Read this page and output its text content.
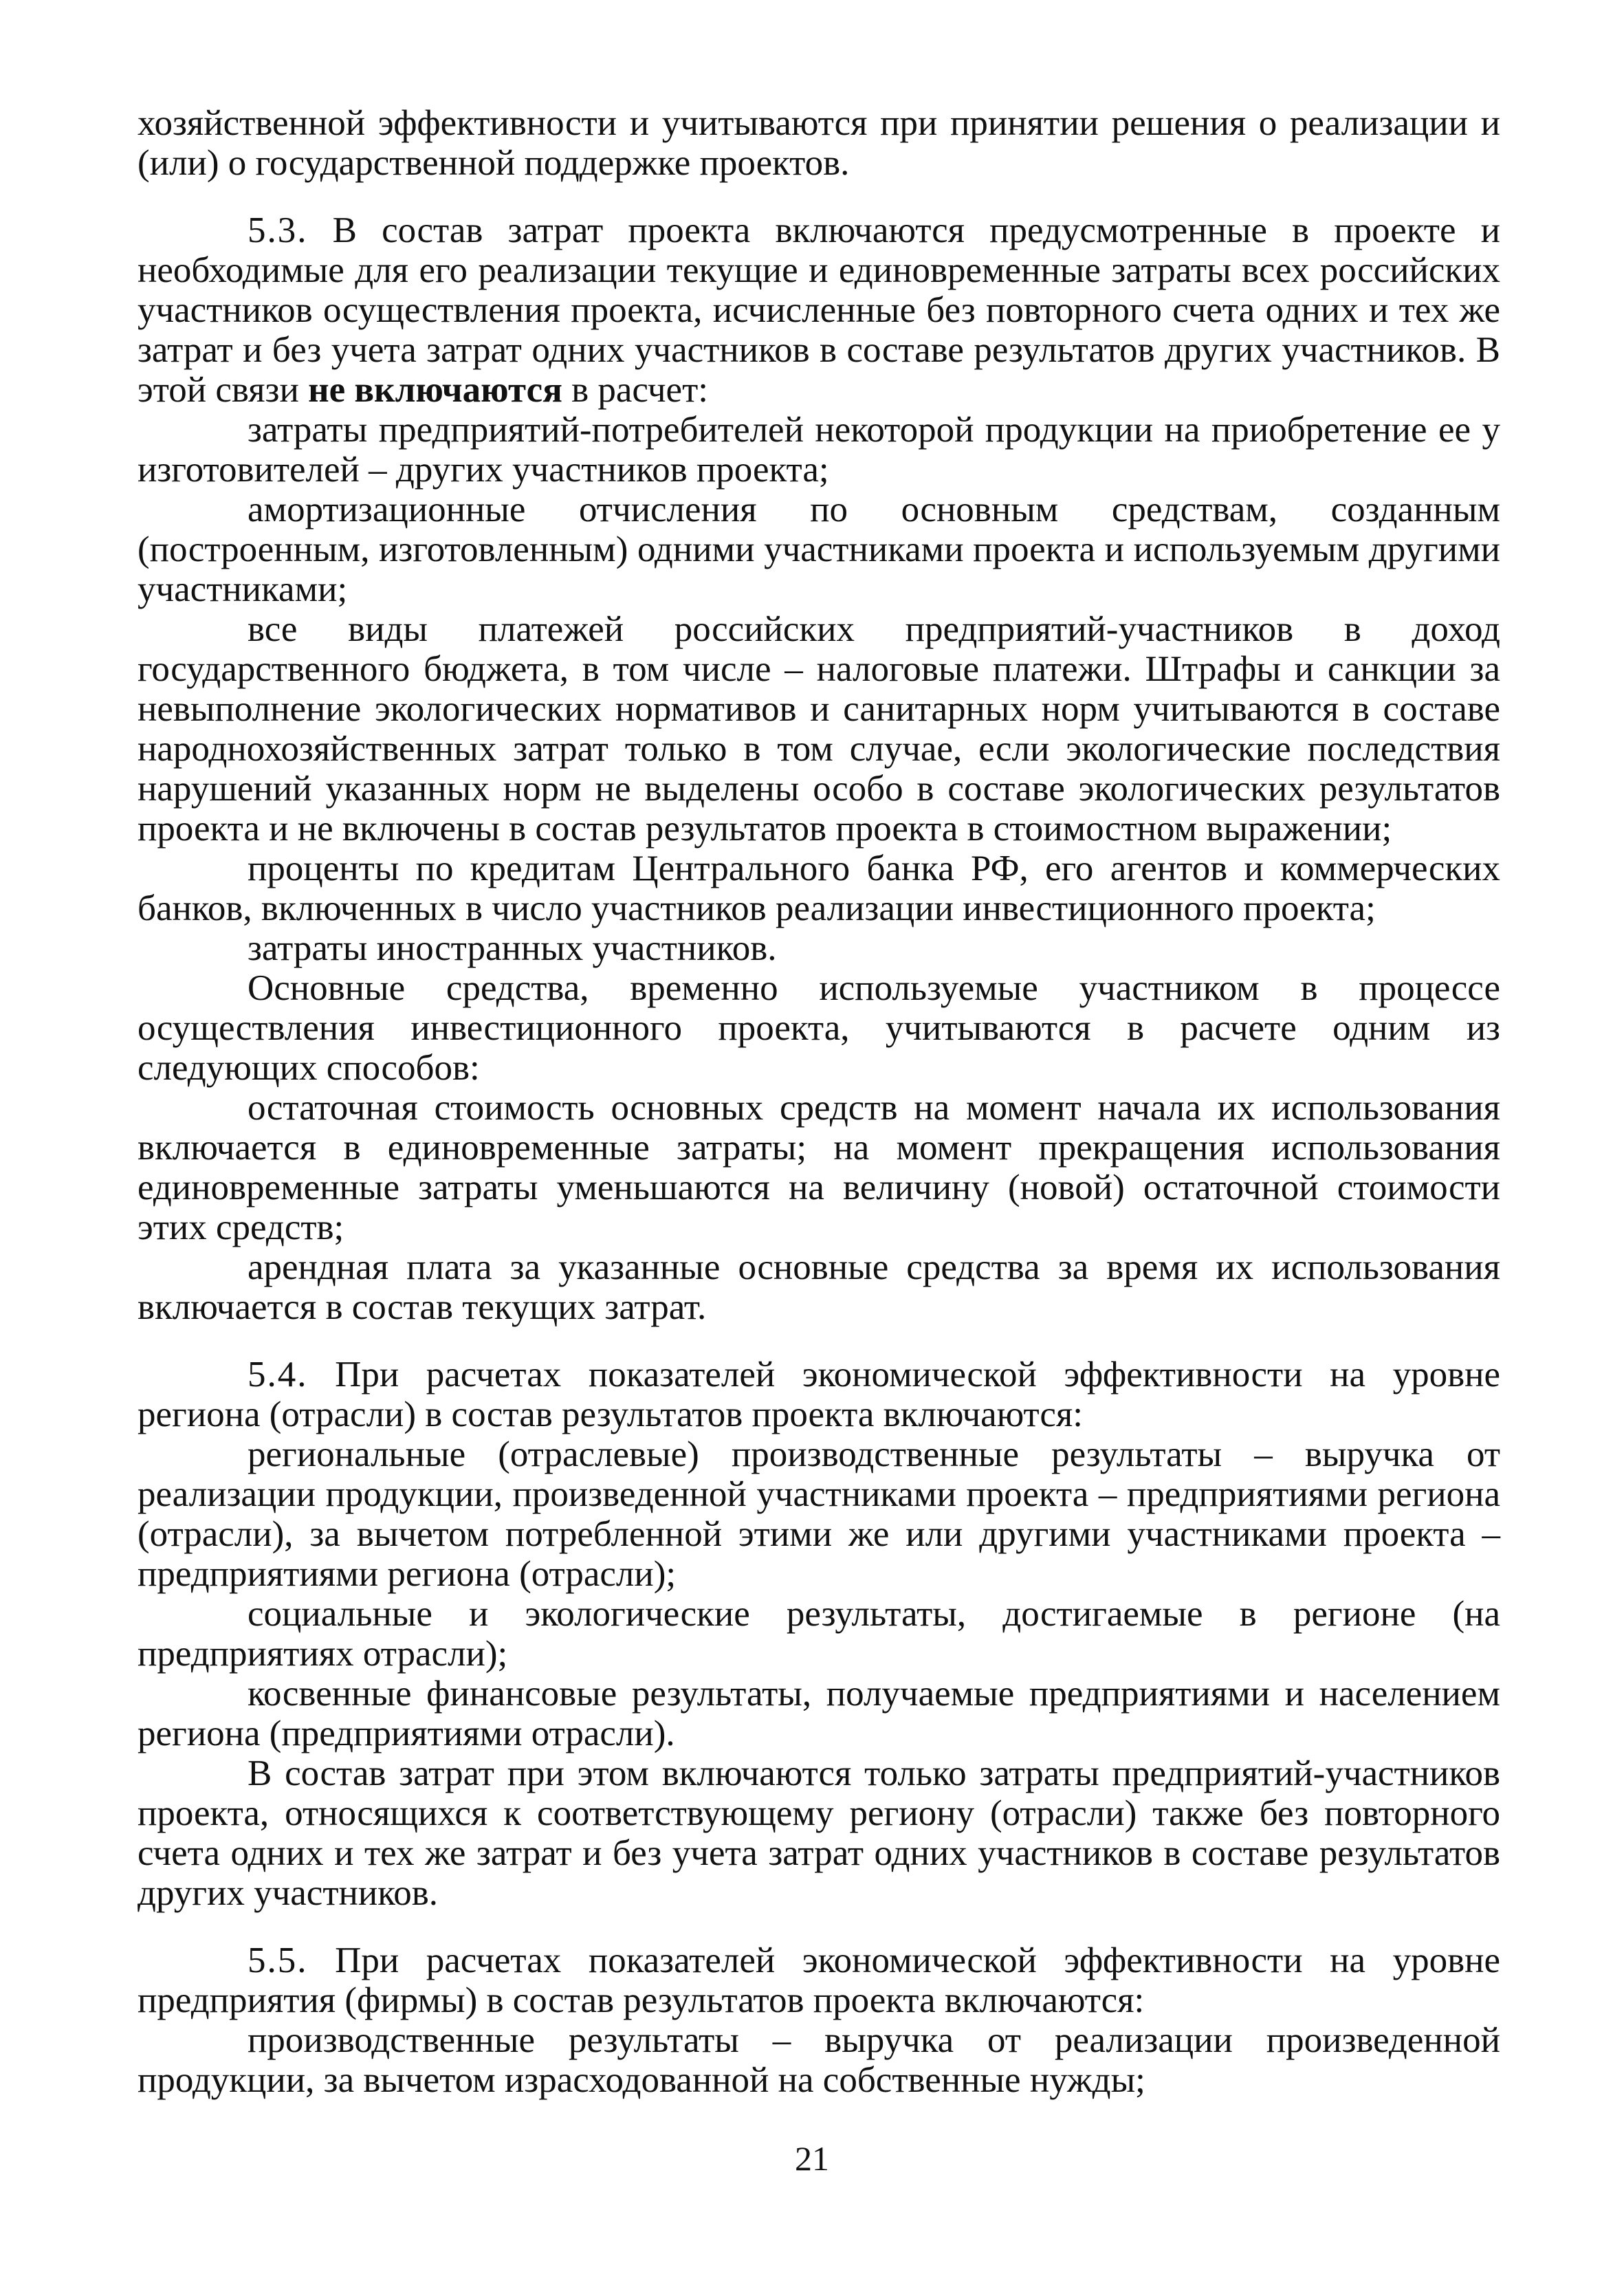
хозяйственной эффективности и учитываются при принятии решения о реализации и (или) о государственной поддержке проектов.

5.3. В состав затрат проекта включаются предусмотренные в проекте и необходимые для его реализации текущие и единовременные затраты всех российских участников осуществления проекта, исчисленные без повторного счета одних и тех же затрат и без учета затрат одних участников в составе результатов других участников. В этой связи не включаются в расчет:

затраты предприятий-потребителей некоторой продукции на приобретение ее у изготовителей – других участников проекта;

амортизационные отчисления по основным средствам, созданным (построенным, изготовленным) одними участниками проекта и используемым другими участниками;

все виды платежей российских предприятий-участников в доход государственного бюджета, в том числе – налоговые платежи. Штрафы и санкции за невыполнение экологических нормативов и санитарных норм учитываются в составе народнохозяйственных затрат только в том случае, если экологические последствия нарушений указанных норм не выделены особо в составе экологических результатов проекта и не включены в состав результатов проекта в стоимостном выражении;

проценты по кредитам Центрального банка РФ, его агентов и коммерческих банков, включенных в число участников реализации инвестиционного проекта;

затраты иностранных участников.

Основные средства, временно используемые участником в процессе осуществления инвестиционного проекта, учитываются в расчете одним из следующих способов:

остаточная стоимость основных средств на момент начала их использования включается в единовременные затраты; на момент прекращения использования единовременные затраты уменьшаются на величину (новой) остаточной стоимости этих средств;

арендная плата за указанные основные средства за время их использования включается в состав текущих затрат.

5.4. При расчетах показателей экономической эффективности на уровне региона (отрасли) в состав результатов проекта включаются:

региональные (отраслевые) производственные результаты – выручка от реализации продукции, произведенной участниками проекта – предприятиями региона (отрасли), за вычетом потребленной этими же или другими участниками проекта – предприятиями региона (отрасли);

социальные и экологические результаты, достигаемые в регионе (на предприятиях отрасли);

косвенные финансовые результаты, получаемые предприятиями и населением региона (предприятиями отрасли).

В состав затрат при этом включаются только затраты предприятий-участников проекта, относящихся к соответствующему региону (отрасли) также без повторного счета одних и тех же затрат и без учета затрат одних участников в составе результатов других участников.

5.5. При расчетах показателей экономической эффективности на уровне предприятия (фирмы) в состав результатов проекта включаются:

производственные результаты – выручка от реализации произведенной продукции, за вычетом израсходованной на собственные нужды;

21
